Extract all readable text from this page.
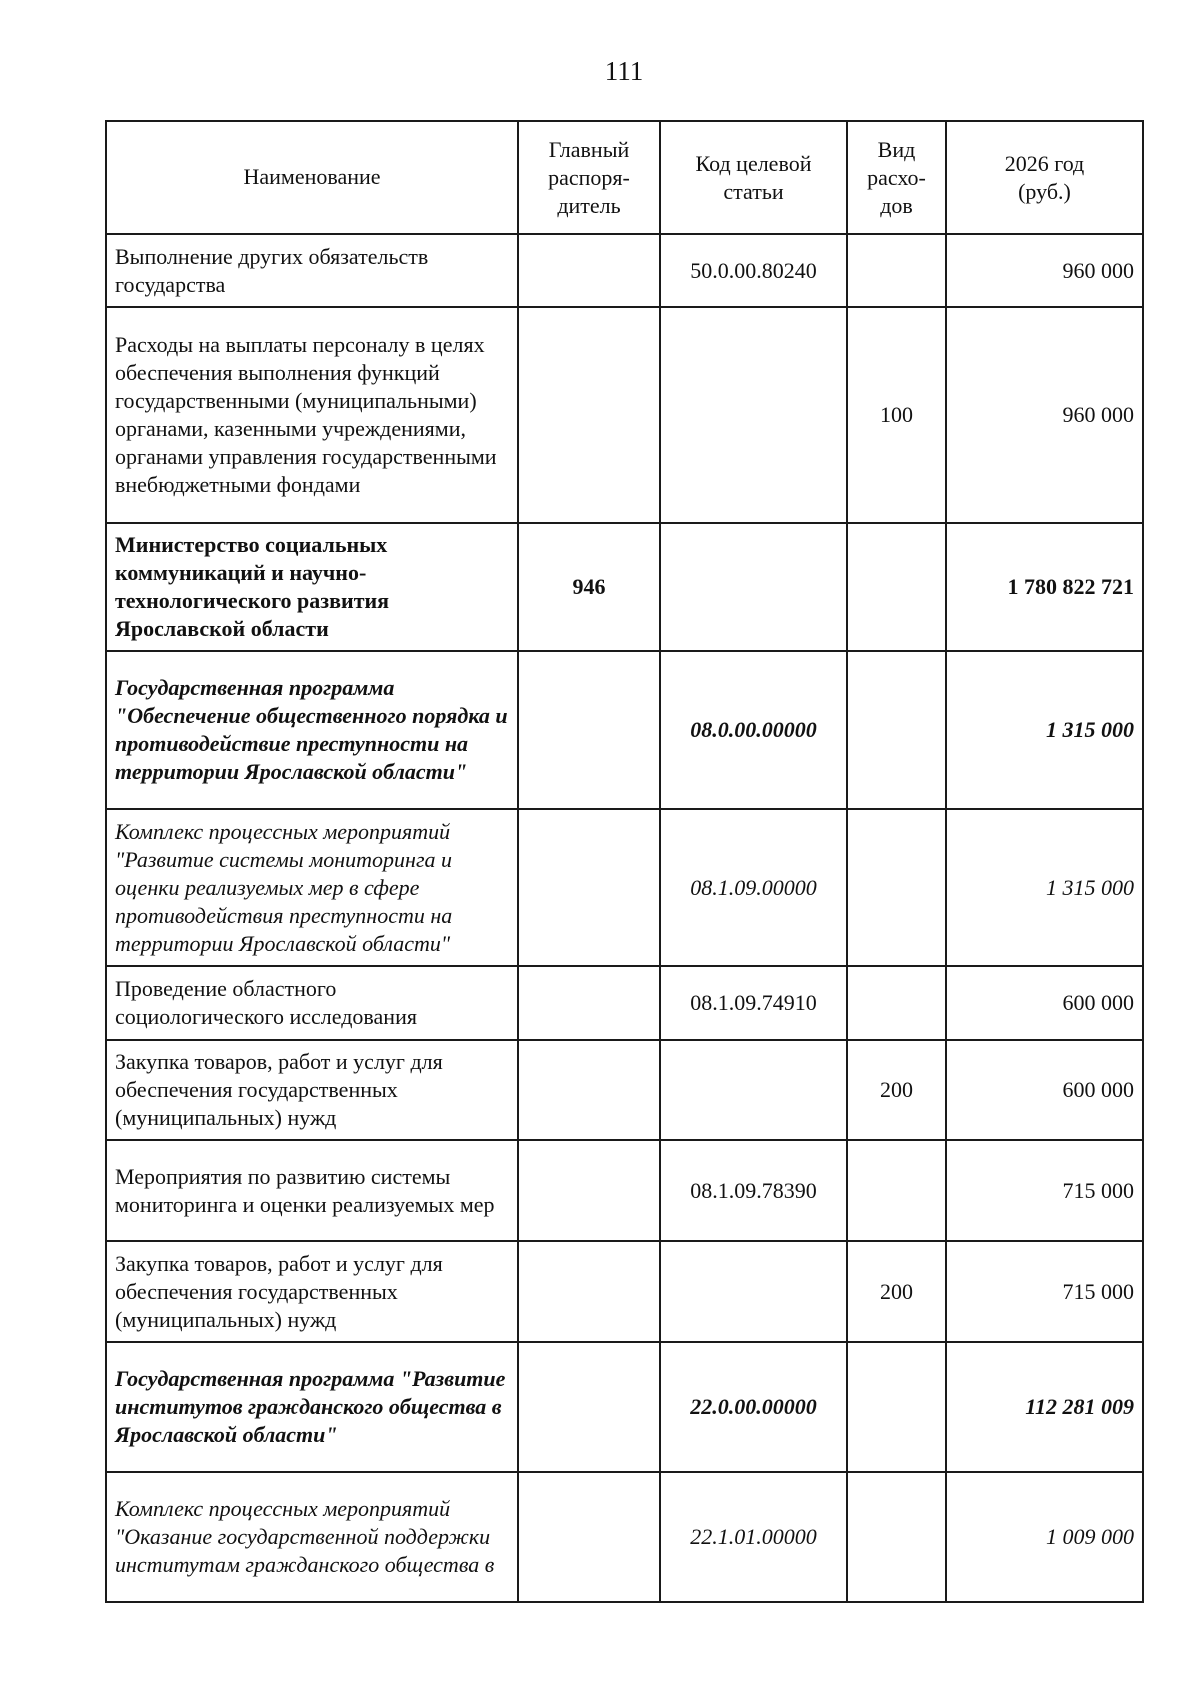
111
Наименование	Главный распоря-дитель	Код целевой статьи	Вид расхо-дов	2026 год (руб.)
Выполнение других обязательств государства		50.0.00.80240		960 000
Расходы на выплаты персоналу в целях обеспечения выполнения функций государственными (муниципальными) органами, казенными учреждениями, органами управления государственными внебюджетными фондами			100	960 000
Министерство социальных коммуникаций и научно-технологического развития Ярославской области	946			1 780 822 721
Государственная программа "Обеспечение общественного порядка и противодействие преступности на территории Ярославской области"		08.0.00.00000		1 315 000
Комплекс процессных мероприятий "Развитие системы мониторинга и оценки реализуемых мер в сфере противодействия преступности на территории Ярославской области"		08.1.09.00000		1 315 000
Проведение областного социологического исследования		08.1.09.74910		600 000
Закупка товаров, работ и услуг для обеспечения государственных (муниципальных) нужд			200	600 000
Мероприятия по развитию системы мониторинга и оценки реализуемых мер		08.1.09.78390		715 000
Закупка товаров, работ и услуг для обеспечения государственных (муниципальных) нужд			200	715 000
Государственная программа "Развитие институтов гражданского общества в Ярославской области"		22.0.00.00000		112 281 009
Комплекс процессных мероприятий "Оказание государственной поддержки институтам гражданского общества в		22.1.01.00000		1 009 000
